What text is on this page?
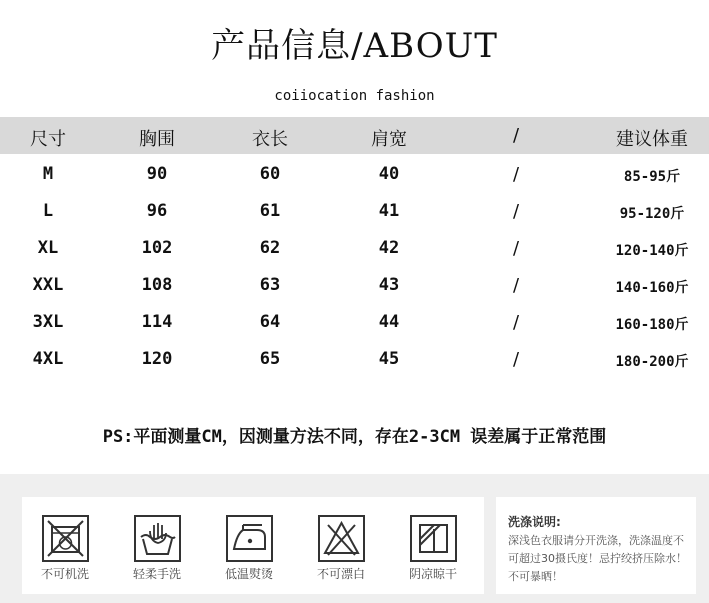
产品信息/ABOUT
coiiocation fashion
尺寸	胸围	衣长	肩宽	/	建议体重
M	90	60	40	/	85-95斤
L	96	61	41	/	95-120斤
XL	102	62	42	/	120-140斤
XXL	108	63	43	/	140-160斤
3XL	114	64	44	/	160-180斤
4XL	120	65	45	/	180-200斤
PS:平面测量CM，因测量方法不同，存在2-3CM 误差属于正常范围
不可机洗	轻柔手洗	低温熨烫	不可漂白	阴凉晾干
洗涤说明:
深浅色衣服请分开洗涤，洗涤温度不可超过30摄氏度！忌拧绞挤压除水！不可暴晒！
